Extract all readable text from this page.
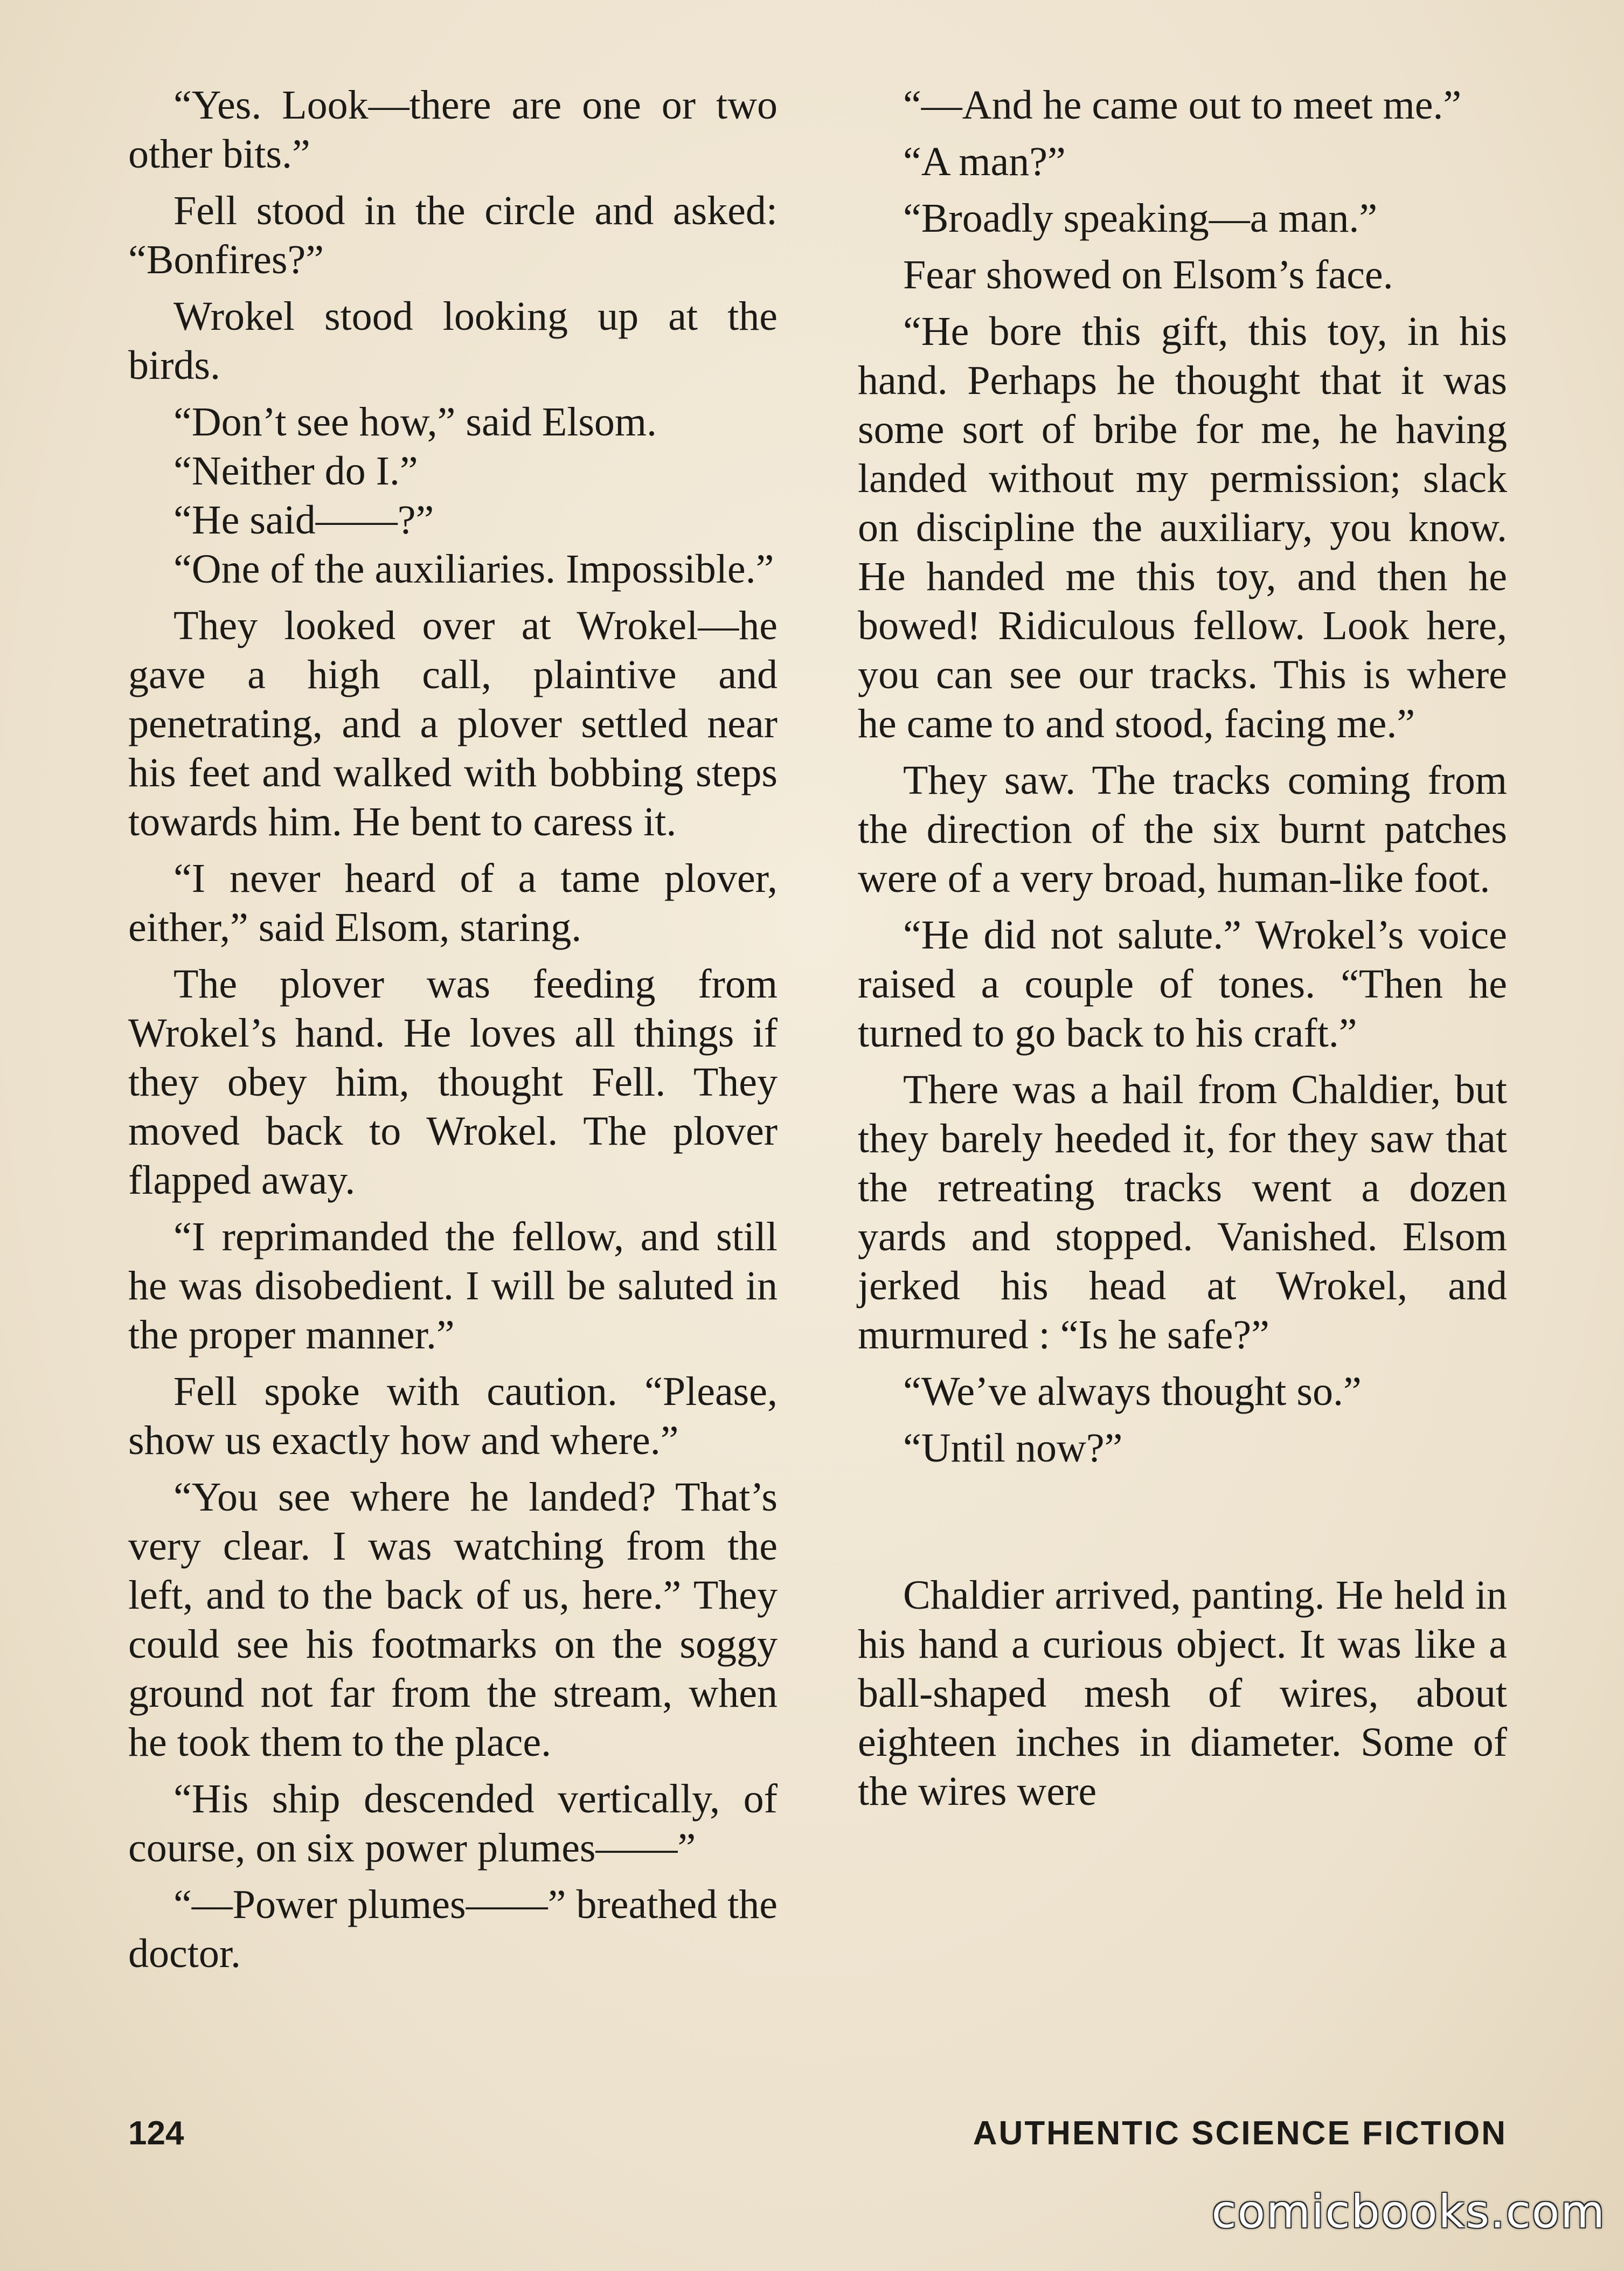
“Yes. Look—there are one or two other bits.”

Fell stood in the circle and asked: “Bonfires?”

Wrokel stood looking up at the birds.

“Don’t see how,” said Elsom.

“Neither do I.”

“He said——?”

“One of the auxiliaries. Impossible.”

They looked over at Wrokel—he gave a high call, plaintive and penetrating, and a plover settled near his feet and walked with bobbing steps towards him. He bent to caress it.

“I never heard of a tame plover, either,” said Elsom, staring.

The plover was feeding from Wrokel’s hand. He loves all things if they obey him, thought Fell. They moved back to Wrokel. The plover flapped away.

“I reprimanded the fellow, and still he was disobedient. I will be saluted in the proper manner.”

Fell spoke with caution. “Please, show us exactly how and where.”

“You see where he landed? That’s very clear. I was watching from the left, and to the back of us, here.” They could see his footmarks on the soggy ground not far from the stream, when he took them to the place.

“His ship descended vertically, of course, on six power plumes——”

“—Power plumes——” breathed the doctor.

“—And he came out to meet me.”

“A man?”

“Broadly speaking—a man.”

Fear showed on Elsom’s face.

“He bore this gift, this toy, in his hand. Perhaps he thought that it was some sort of bribe for me, he having landed without my permission; slack on discipline the auxiliary, you know. He handed me this toy, and then he bowed! Ridiculous fellow. Look here, you can see our tracks. This is where he came to and stood, facing me.”

They saw. The tracks coming from the direction of the six burnt patches were of a very broad, human-like foot.

“He did not salute.” Wrokel’s voice raised a couple of tones. “Then he turned to go back to his craft.”

There was a hail from Chaldier, but they barely heeded it, for they saw that the retreating tracks went a dozen yards and stopped. Vanished. Elsom jerked his head at Wrokel, and murmured : “Is he safe?”

“We’ve always thought so.”

“Until now?”

Chaldier arrived, panting. He held in his hand a curious object. It was like a ball-shaped mesh of wires, about eighteen inches in diameter. Some of the wires were

124	AUTHENTIC SCIENCE FICTION
comicbooks.com
